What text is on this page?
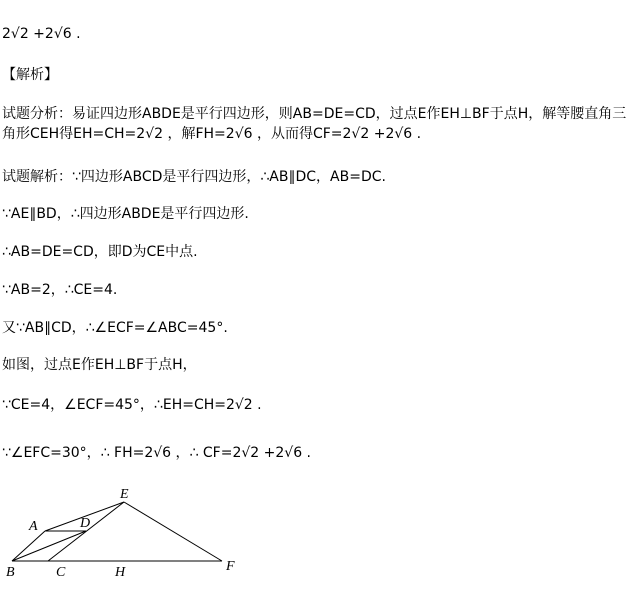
2√2 +2√6 .
【解析】
试题分析：易证四边形ABDE是平行四边形，则AB=DE=CD，过点E作EH⊥BF于点H，解等腰直角三
角形CEH得EH=CH=2√2 ，解FH=2√6 ，从而得CF=2√2 +2√6 .
试题解析：∵四边形ABCD是平行四边形，∴AB∥DC，AB=DC.
∵AE∥BD，∴四边形ABDE是平行四边形.
∴AB=DE=CD，即D为CE中点.
∵AB=2，∴CE=4.
又∵AB∥CD，∴∠ECF=∠ABC=45°.
如图，过点E作EH⊥BF于点H，
∵CE=4，∠ECF=45°，∴EH=CH=2√2 .
∵∠EFC=30°，∴ FH=2√6 ，∴ CF=2√2 +2√6 .
E
A	D
B	C	H	F
